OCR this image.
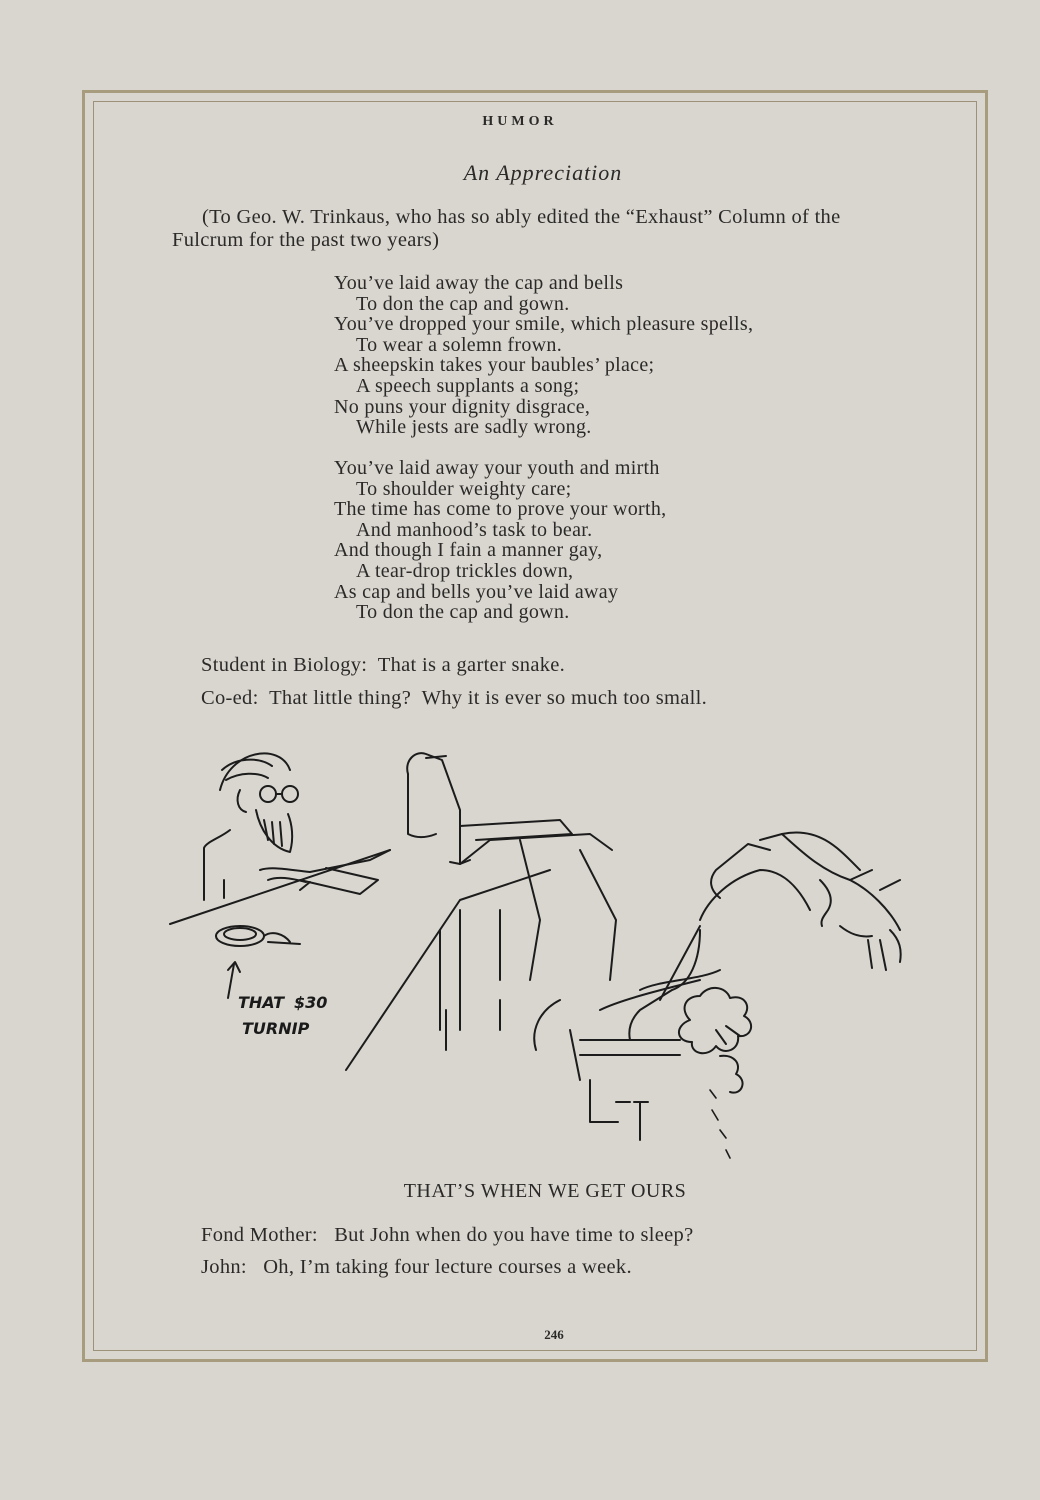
HUMOR
An Appreciation
(To Geo. W. Trinkaus, who has so ably edited the “Exhaust” Column of the Fulcrum for the past two years)
You’ve laid away the cap and bells
To don the cap and gown.
You’ve dropped your smile, which pleasure spells,
To wear a solemn frown.
A sheepskin takes your baubles’ place;
A speech supplants a song;
No puns your dignity disgrace,
While jests are sadly wrong.
You’ve laid away your youth and mirth
To shoulder weighty care;
The time has come to prove your worth,
And manhood’s task to bear.
And though I fain a manner gay,
A tear-drop trickles down,
As cap and bells you’ve laid away
To don the cap and gown.
Student in Biology:  That is a garter snake.
Co-ed:  That little thing?  Why it is ever so much too small.
THAT $30
TURNIP
THAT’S WHEN WE GET OURS
Fond Mother:   But John when do you have time to sleep?
John:   Oh, I’m taking four lecture courses a week.
246
